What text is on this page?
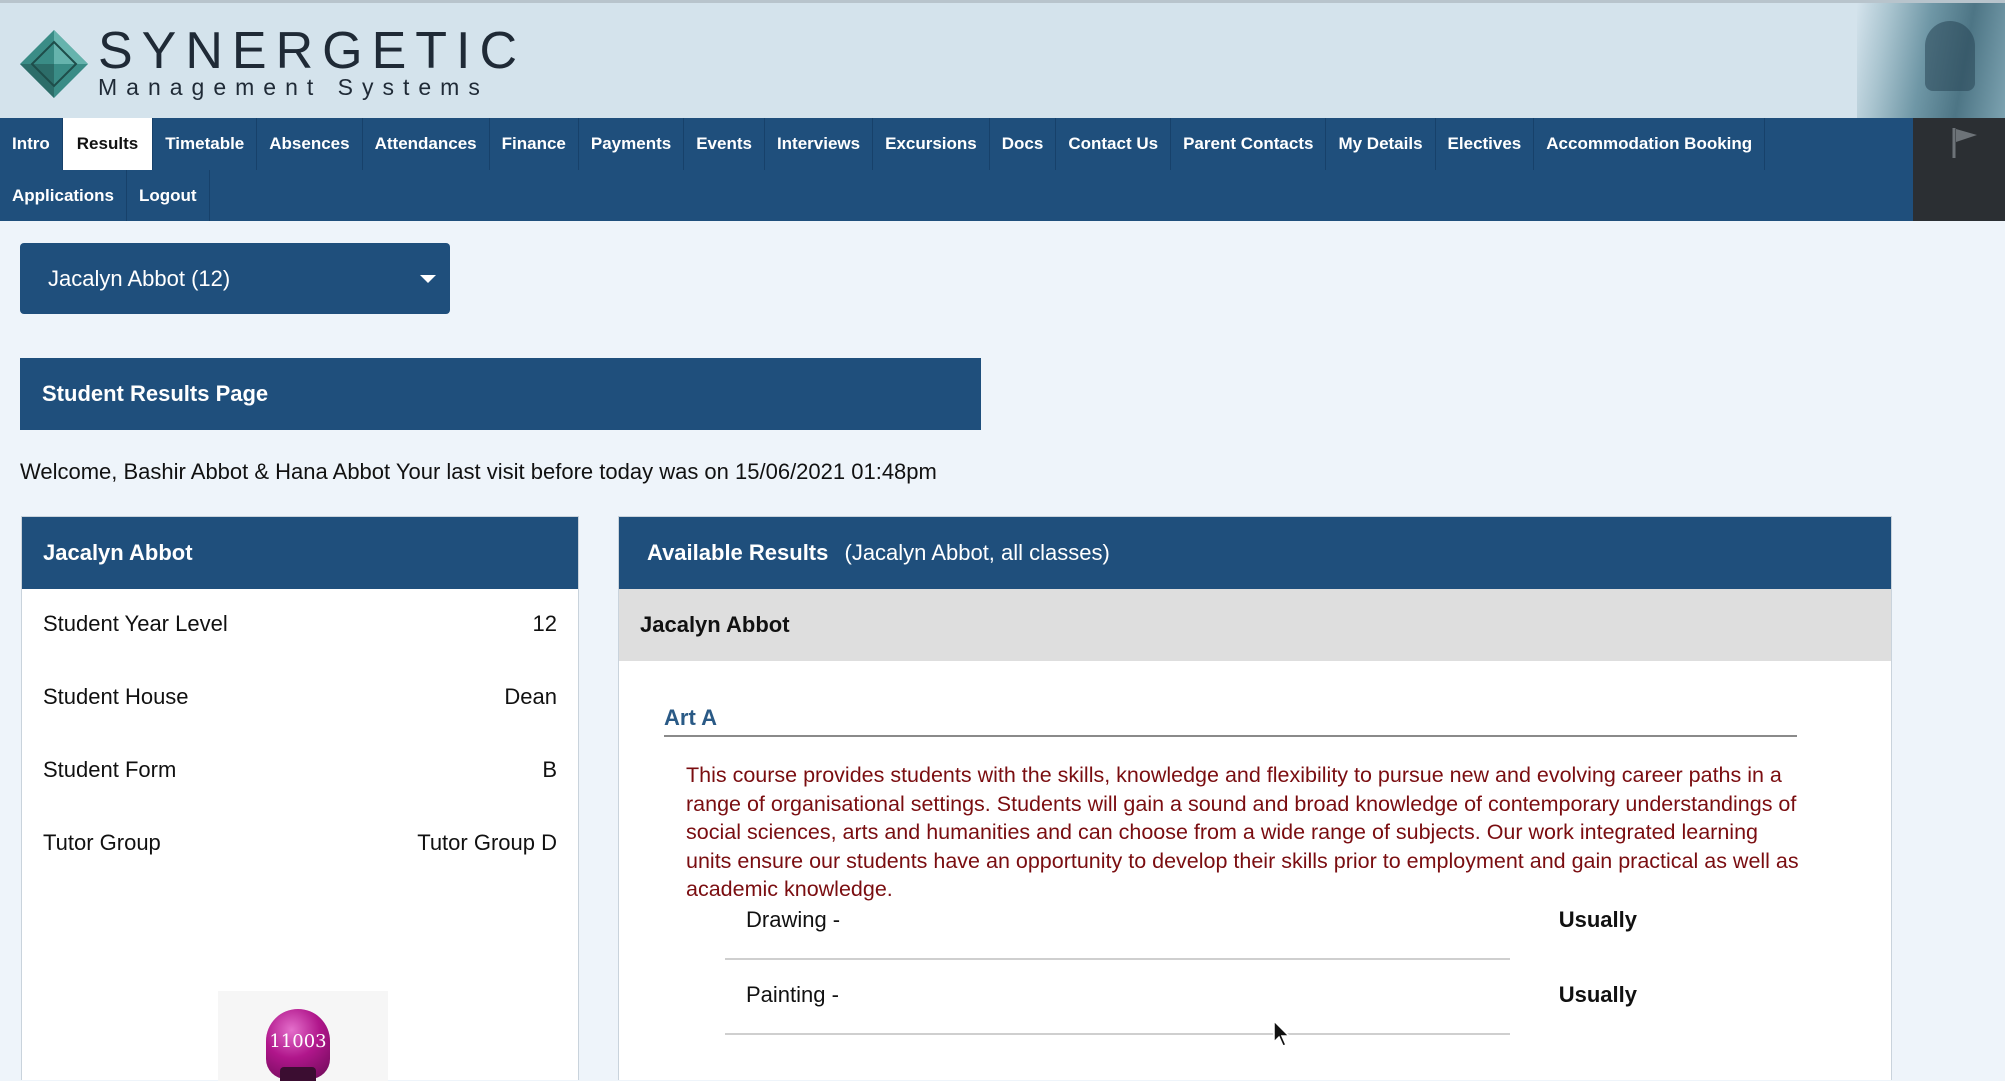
SYNERGETIC
Management Systems
Intro	Results	Timetable	Absences	Attendances	Finance	Payments	Events	Interviews	Excursions	Docs	Contact Us	Parent Contacts	My Details	Electives	Accommodation Booking
Applications	Logout
Jacalyn Abbot (12)
Student Results Page
Welcome, Bashir Abbot & Hana Abbot Your last visit before today was on 15/06/2021 01:48pm
Jacalyn Abbot
Student Year Level	12
Student House	Dean
Student Form	B
Tutor Group	Tutor Group D
11003
Available Results (Jacalyn Abbot, all classes)
Jacalyn Abbot
Art A
This course provides students with the skills, knowledge and flexibility to pursue new and evolving career paths in a range of organisational settings. Students will gain a sound and broad knowledge of contemporary understandings of social sciences, arts and humanities and can choose from a wide range of subjects. Our work integrated learning units ensure our students have an opportunity to develop their skills prior to employment and gain practical as well as academic knowledge.
Drawing -	Usually
Painting -	Usually
